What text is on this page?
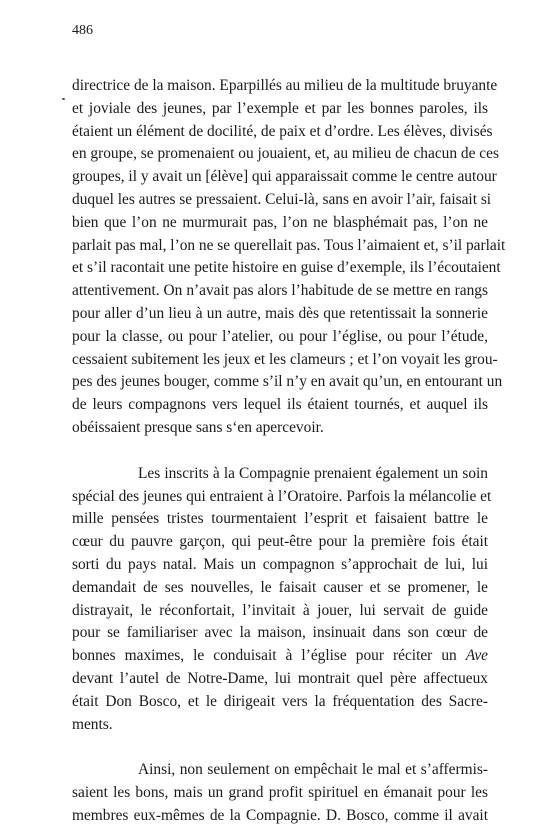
486

directrice de la maison. Eparpillés au milieu de la multitude bruyante
et joviale des jeunes, par l’exemple et par les bonnes paroles, ils
étaient un élément de docilité, de paix et d’ordre. Les élèves, divisés
en groupe, se promenaient ou jouaient, et, au milieu de chacun de ces
groupes, il y avait un [élève] qui apparaissait comme le centre autour
duquel les autres se pressaient. Celui-là, sans en avoir l’air, faisait si
bien que l’on ne murmurait pas, l’on ne blasphémait pas, l’on ne
parlait pas mal, l’on ne se querellait pas. Tous l’aimaient et, s’il parlait
et s’il racontait une petite histoire en guise d’exemple, ils l’écoutaient
attentivement. On n’avait pas alors l’habitude de se mettre en rangs
pour aller d’un lieu à un autre, mais dès que retentissait la sonnerie
pour la classe, ou pour l’atelier, ou pour l’église, ou pour l’étude,
cessaient subitement les jeux et les clameurs ; et l’on voyait les grou-
pes des jeunes bouger, comme s’il n’y en avait qu’un, en entourant un
de leurs compagnons vers lequel ils étaient tournés, et auquel ils
obéissaient presque sans s‘en apercevoir.

Les inscrits à la Compagnie prenaient également un soin
spécial des jeunes qui entraient à l’Oratoire. Parfois la mélancolie et
mille pensées tristes tourmentaient l’esprit et faisaient battre le
cœur du pauvre garçon, qui peut-être pour la première fois était
sorti du pays natal. Mais un compagnon s’approchait de lui, lui
demandait de ses nouvelles, le faisait causer et se promener, le
distrayait, le réconfortait, l’invitait à jouer, lui servait de guide
pour se familiariser avec la maison, insinuait dans son cœur de
bonnes maximes, le conduisait à l’église pour réciter un Ave
devant l’autel de Notre-Dame, lui montrait quel père affectueux
était Don Bosco, et le dirigeait vers la fréquentation des Sacre-
ments.

Ainsi, non seulement on empêchait le mal et s’affermis-
saient les bons, mais un grand profit spirituel en émanait pour les
membres eux-mêmes de la Compagnie. D. Bosco, comme il avait
